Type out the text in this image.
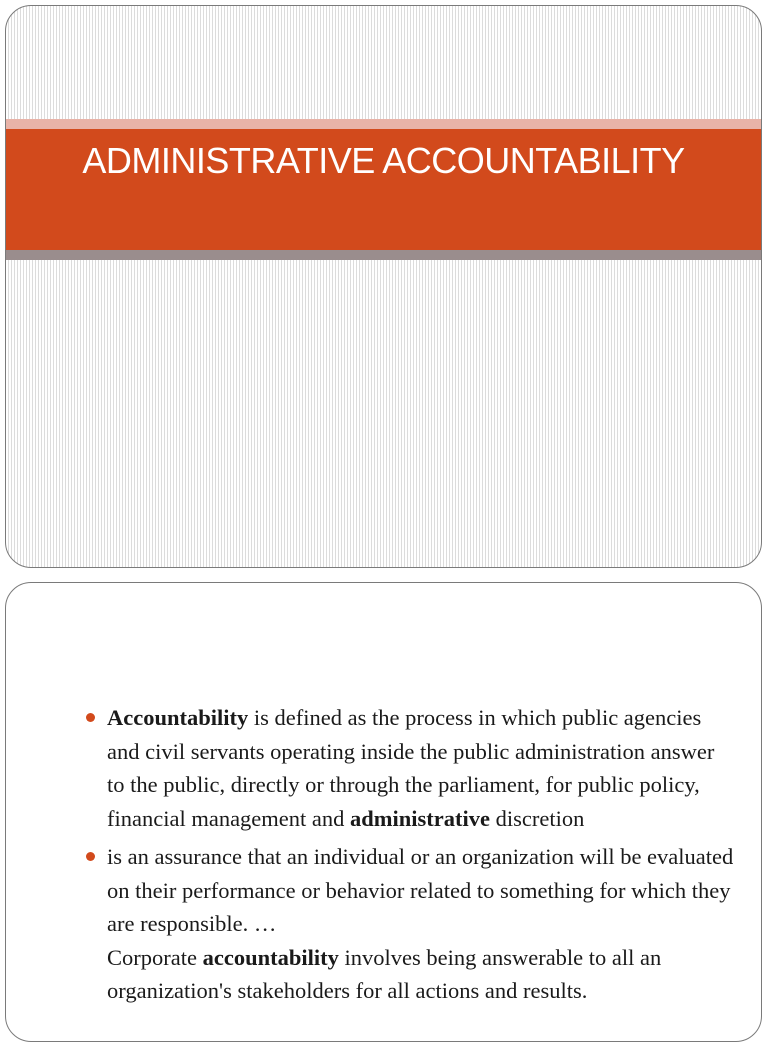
ADMINISTRATIVE ACCOUNTABILITY
Accountability is defined as the process in which public agencies and civil servants operating inside the public administration answer to the public, directly or through the parliament, for public policy, financial management and administrative discretion
is an assurance that an individual or an organization will be evaluated on their performance or behavior related to something for which they are responsible. …
Corporate accountability involves being answerable to all an organization's stakeholders for all actions and results.
